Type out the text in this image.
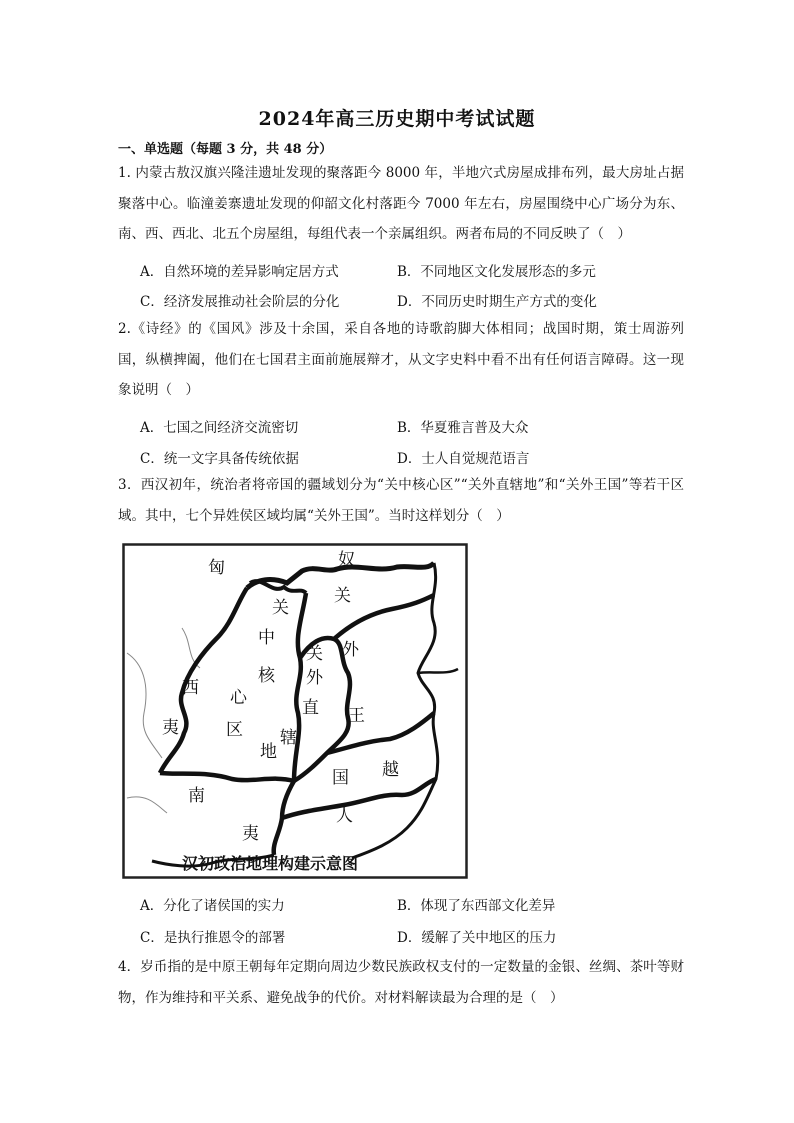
2024年高三历史期中考试试题
一、单选题（每题 3 分，共 48 分）
1. 内蒙古敖汉旗兴隆洼遗址发现的聚落距今 8000 年，半地穴式房屋成排布列，最大房址占据聚落中心。临潼姜寨遗址发现的仰韶文化村落距今 7000 年左右，房屋围绕中心广场分为东、南、西、西北、北五个房屋组，每组代表一个亲属组织。两者布局的不同反映了（　）
A．自然环境的差异影响定居方式	B．不同地区文化发展形态的多元
C．经济发展推动社会阶层的分化	D．不同历史时期生产方式的变化
2.《诗经》的《国风》涉及十余国，采自各地的诗歌韵脚大体相同；战国时期，策士周游列国，纵横捭阖，他们在七国君主面前施展辩才，从文字史料中看不出有任何语言障碍。这一现象说明（　）
A．七国之间经济交流密切	B．华夏雅言普及大众
C．统一文字具备传统依据	D．士人自觉规范语言
3．西汉初年，统治者将帝国的疆域划分为“关中核心区”“关外直辖地”和“关外王国”等若干区域。其中，七个异姓侯区域均属“关外王国”。当时这样划分（　）
匈	奴
西
夷
南
夷
关
中
核
心
区
关
外
直
辖
地
关
外
王
国
人
越
汉初政治地理构建示意图
A．分化了诸侯国的实力	B．体现了东西部文化差异
C．是执行推恩令的部署	D．缓解了关中地区的压力
4．岁币指的是中原王朝每年定期向周边少数民族政权支付的一定数量的金银、丝绸、茶叶等财物，作为维持和平关系、避免战争的代价。对材料解读最为合理的是（　）
